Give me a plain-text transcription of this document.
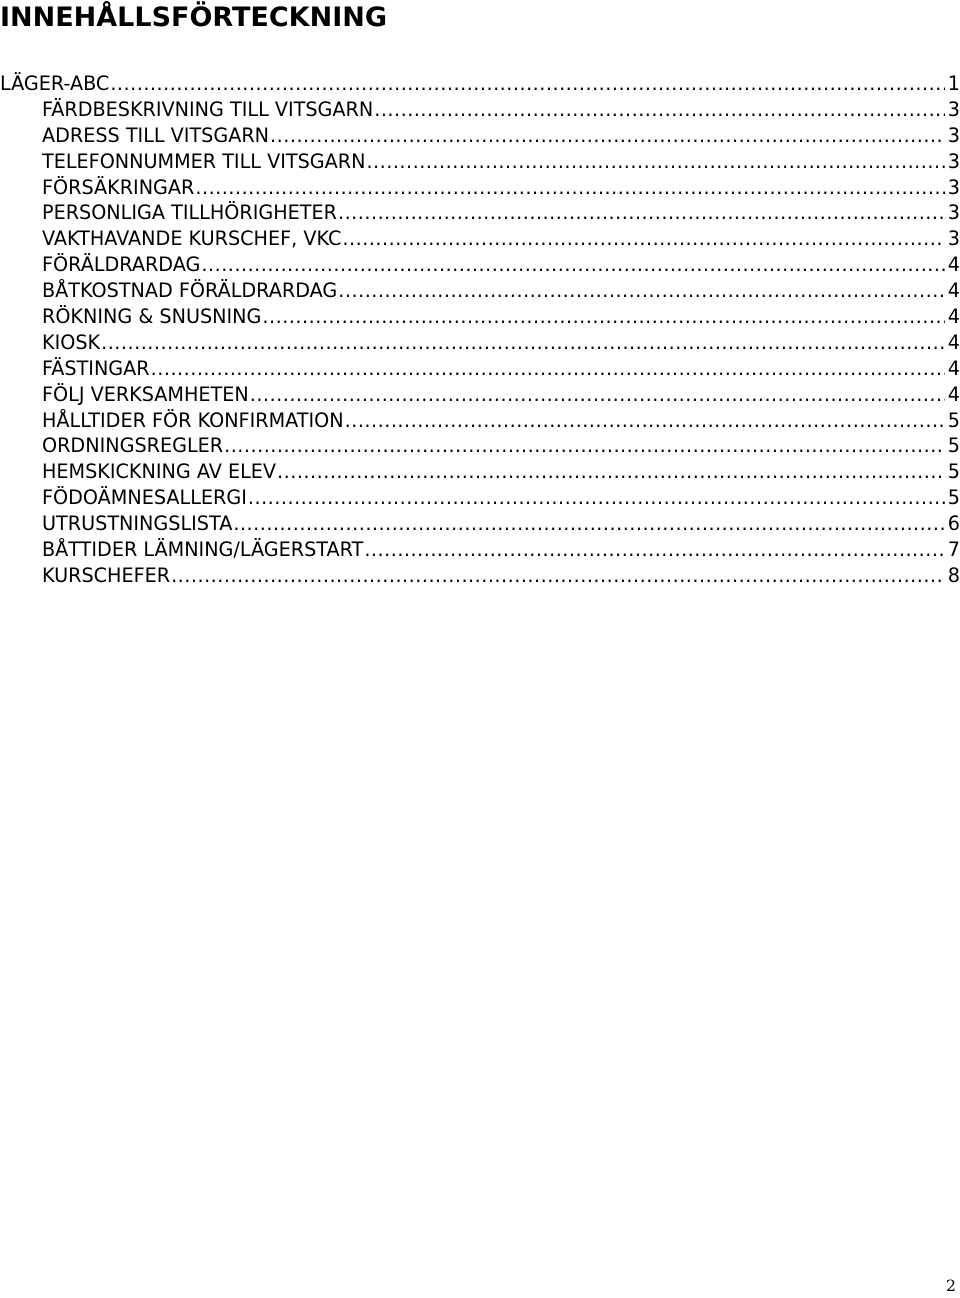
INNEHÅLLSFÖRTECKNING
LÄGER-ABC .....	1
FÄRDBESKRIVNING TILL VITSGARN .....	3
ADRESS TILL VITSGARN .....	3
TELEFONNUMMER TILL VITSGARN .....	3
FÖRSÄKRINGAR .....	3
PERSONLIGA TILLHÖRIGHETER .....	3
VAKTHAVANDE KURSCHEF, VKC .....	3
FÖRÄLDRARDAG .....	4
BÅTKOSTNAD FÖRÄLDRARDAG .....	4
RÖKNING & SNUSNING .....	4
KIOSK .....	4
FÄSTINGAR .....	4
FÖLJ VERKSAMHETEN .....	4
HÅLLTIDER FÖR KONFIRMATION .....	5
ORDNINGSREGLER .....	5
HEMSKICKNING AV ELEV .....	5
FÖDOÄMNESALLERGI .....	5
UTRUSTNINGSLISTA .....	6
BÅTTIDER LÄMNING/LÄGERSTART .....	7
KURSCHEFER .....	8
2
